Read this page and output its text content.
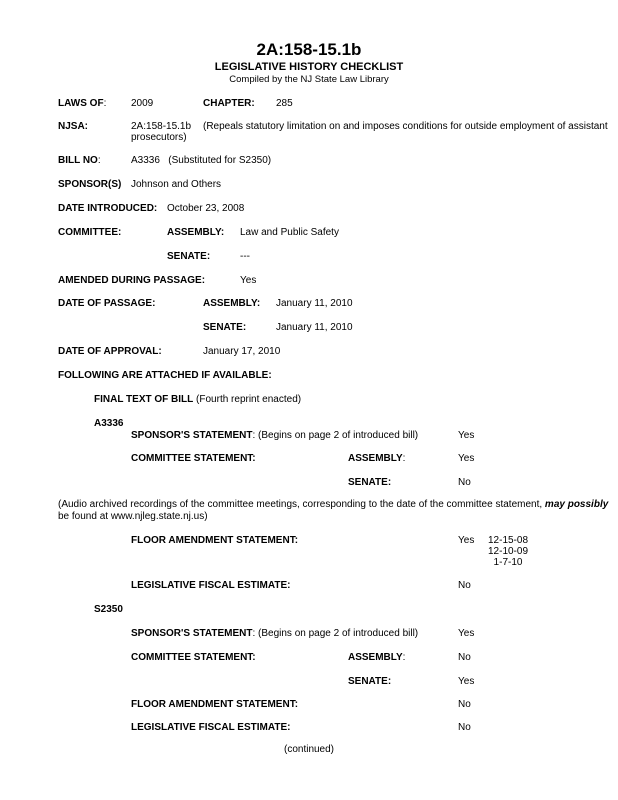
2A:158-15.1b
LEGISLATIVE HISTORY CHECKLIST
Compiled by the NJ State Law Library
LAWS OF: 2009	CHAPTER: 285
NJSA:	2A:158-15.1b (Repeals statutory limitation on and imposes conditions for outside employment of assistant
prosecutors)
BILL NO:	A3336   (Substituted for S2350)
SPONSOR(S) Johnson and Others
DATE INTRODUCED: October 23, 2008
COMMITTEE:	ASSEMBLY: Law and Public Safety
SENATE:	---
AMENDED DURING PASSAGE:	Yes
DATE OF PASSAGE:	ASSEMBLY: January 11, 2010
SENATE:	January 11, 2010
DATE OF APPROVAL:	January 17, 2010
FOLLOWING ARE ATTACHED IF AVAILABLE:
FINAL TEXT OF BILL (Fourth reprint enacted)
A3336
SPONSOR'S STATEMENT: (Begins on page 2 of introduced bill)	Yes
COMMITTEE STATEMENT:	ASSEMBLY:	Yes
SENATE:	No
(Audio archived recordings of the committee meetings, corresponding to the date of the committee statement, may possibly
be found at www.njleg.state.nj.us)
FLOOR AMENDMENT STATEMENT:	Yes	12-15-08
12-10-09
1-7-10
LEGISLATIVE FISCAL ESTIMATE:	No
S2350
SPONSOR'S STATEMENT: (Begins on page 2 of introduced bill)	Yes
COMMITTEE STATEMENT:	ASSEMBLY:	No
SENATE:	Yes
FLOOR AMENDMENT STATEMENT:	No
LEGISLATIVE FISCAL ESTIMATE:	No
(continued)
